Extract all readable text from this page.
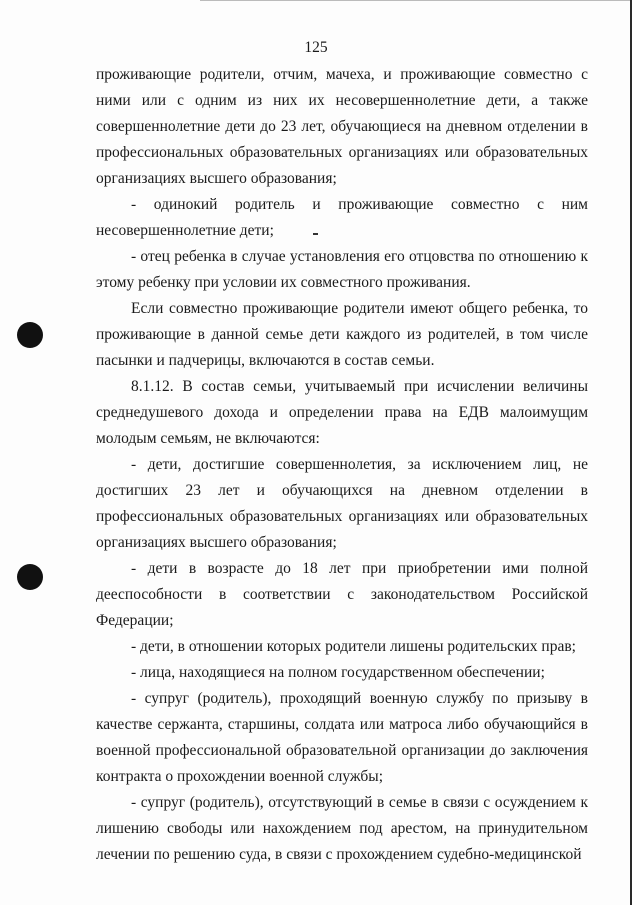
125

проживающие родители, отчим, мачеха, и проживающие совместно с ними или с одним из них их несовершеннолетние дети, а также совершеннолетние дети до 23 лет, обучающиеся на дневном отделении в профессиональных образовательных организациях или образовательных организациях высшего образования;

- одинокий родитель и проживающие совместно с ним несовершеннолетние дети;

- отец ребенка в случае установления его отцовства по отношению к этому ребенку при условии их совместного проживания.

Если совместно проживающие родители имеют общего ребенка, то проживающие в данной семье дети каждого из родителей, в том числе пасынки и падчерицы, включаются в состав семьи.

8.1.12. В состав семьи, учитываемый при исчислении величины среднедушевого дохода и определении права на ЕДВ малоимущим молодым семьям, не включаются:

- дети, достигшие совершеннолетия, за исключением лиц, не достигших 23 лет и обучающихся на дневном отделении в профессиональных образовательных организациях или образовательных организациях высшего образования;

- дети в возрасте до 18 лет при приобретении ими полной дееспособности в соответствии с законодательством Российской Федерации;

- дети, в отношении которых родители лишены родительских прав;

- лица, находящиеся на полном государственном обеспечении;

- супруг (родитель), проходящий военную службу по призыву в качестве сержанта, старшины, солдата или матроса либо обучающийся в военной профессиональной образовательной организации до заключения контракта о прохождении военной службы;

- супруг (родитель), отсутствующий в семье в связи с осуждением к лишению свободы или нахождением под арестом, на принудительном лечении по решению суда, в связи с прохождением судебно-медицинской
